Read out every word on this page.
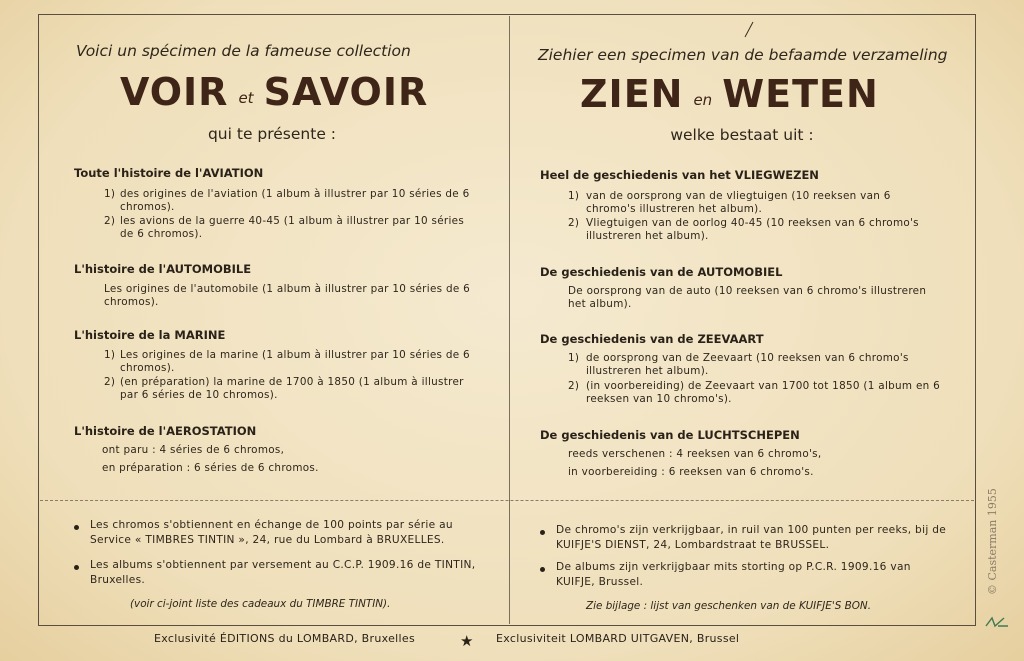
Voici un spécimen de la fameuse collection
VOIR et SAVOIR
qui te présente :
Toute l'histoire de l'AVIATION
1) des origines de l'aviation (1 album à illustrer par 10 séries de 6 chromos).
2) les avions de la guerre 40-45 (1 album à illustrer par 10 séries de 6 chromos).
L'histoire de l'AUTOMOBILE
Les origines de l'automobile (1 album à illustrer par 10 séries de 6 chromos).
L'histoire de la MARINE
1) Les origines de la marine (1 album à illustrer par 10 séries de 6 chromos).
2) (en préparation) la marine de 1700 à 1850 (1 album à illustrer par 6 séries de 10 chromos).
L'histoire de l'AEROSTATION
ont paru : 4 séries de 6 chromos,
en préparation : 6 séries de 6 chromos.
Les chromos s'obtiennent en échange de 100 points par série au Service « TIMBRES TINTIN », 24, rue du Lombard à BRUXELLES.
Les albums s'obtiennent par versement au C.C.P. 1909.16 de TINTIN, Bruxelles.
(voir ci-joint liste des cadeaux du TIMBRE TINTIN).
Ziehier een specimen van de befaamde verzameling
ZIEN en WETEN
welke bestaat uit :
Heel de geschiedenis van het VLIEGWEZEN
1) van de oorsprong van de vliegtuigen (10 reeksen van 6 chromo's illustreren het album).
2) Vliegtuigen van de oorlog 40-45 (10 reeksen van 6 chromo's illustreren het album).
De geschiedenis van de AUTOMOBIEL
De oorsprong van de auto (10 reeksen van 6 chromo's illustreren het album).
De geschiedenis van de ZEEVAART
1) de oorsprong van de Zeevaart (10 reeksen van 6 chromo's illustreren het album).
2) (in voorbereiding) de Zeevaart van 1700 tot 1850 (1 album en 6 reeksen van 10 chromo's).
De geschiedenis van de LUCHTSCHEPEN
reeds verschenen : 4 reeksen van 6 chromo's,
in voorbereiding : 6 reeksen van 6 chromo's.
De chromo's zijn verkrijgbaar, in ruil van 100 punten per reeks, bij de KUIFJE'S DIENST, 24, Lombardstraat te BRUSSEL.
De albums zijn verkrijgbaar mits storting op P.C.R. 1909.16 van KUIFJE, Brussel.
Zie bijlage : lijst van geschenken van de KUIFJE'S BON.
Exclusivité ÉDITIONS du LOMBARD, Bruxelles	★ Exclusiviteit LOMBARD UITGAVEN, Brussel
© Casterman 1955
